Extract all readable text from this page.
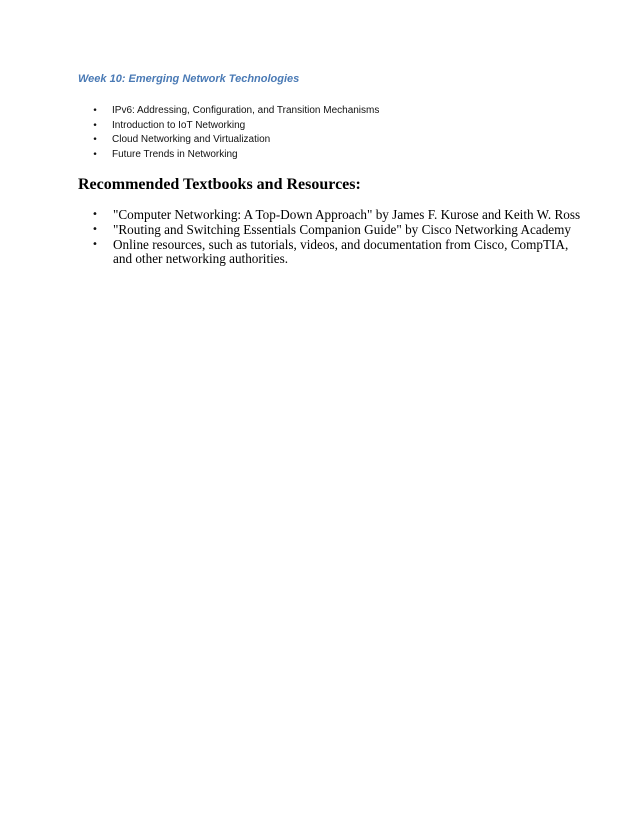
Week 10: Emerging Network Technologies
• IPv6: Addressing, Configuration, and Transition Mechanisms
• Introduction to IoT Networking
• Cloud Networking and Virtualization
• Future Trends in Networking
Recommended Textbooks and Resources:
• "Computer Networking: A Top-Down Approach" by James F. Kurose and Keith W. Ross
• "Routing and Switching Essentials Companion Guide" by Cisco Networking Academy
• Online resources, such as tutorials, videos, and documentation from Cisco, CompTIA, and other networking authorities.
